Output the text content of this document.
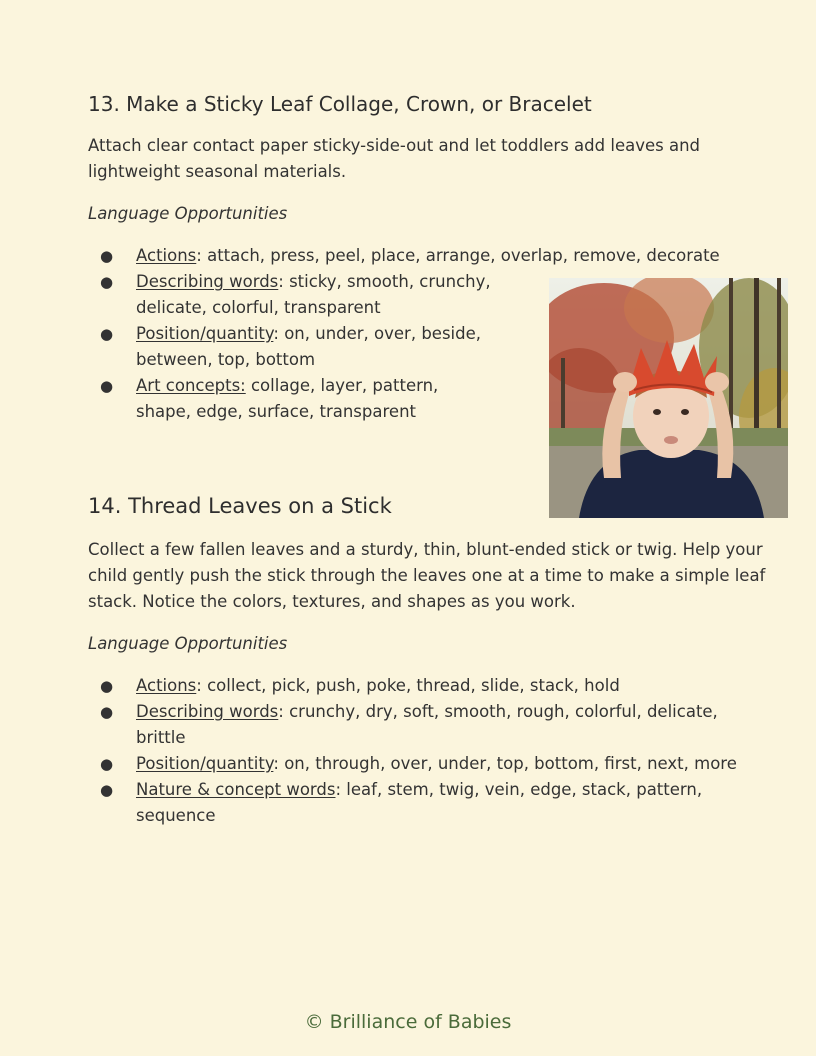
13. Make a Sticky Leaf Collage, Crown, or Bracelet

Attach clear contact paper sticky-side-out and let toddlers add leaves and lightweight seasonal materials.

Language Opportunities

● Actions: attach, press, peel, place, arrange, overlap, remove, decorate
● Describing words: sticky, smooth, crunchy, delicate, colorful, transparent
● Position/quantity: on, under, over, beside, between, top, bottom
● Art concepts: collage, layer, pattern, shape, edge, surface, transparent
14. Thread Leaves on a Stick

Collect a few fallen leaves and a sturdy, thin, blunt-ended stick or twig. Help your child gently push the stick through the leaves one at a time to make a simple leaf stack. Notice the colors, textures, and shapes as you work.

Language Opportunities

● Actions: collect, pick, push, poke, thread, slide, stack, hold
● Describing words: crunchy, dry, soft, smooth, rough, colorful, delicate, brittle
● Position/quantity: on, through, over, under, top, bottom, first, next, more
● Nature & concept words: leaf, stem, twig, vein, edge, stack, pattern, sequence
© Brilliance of Babies
